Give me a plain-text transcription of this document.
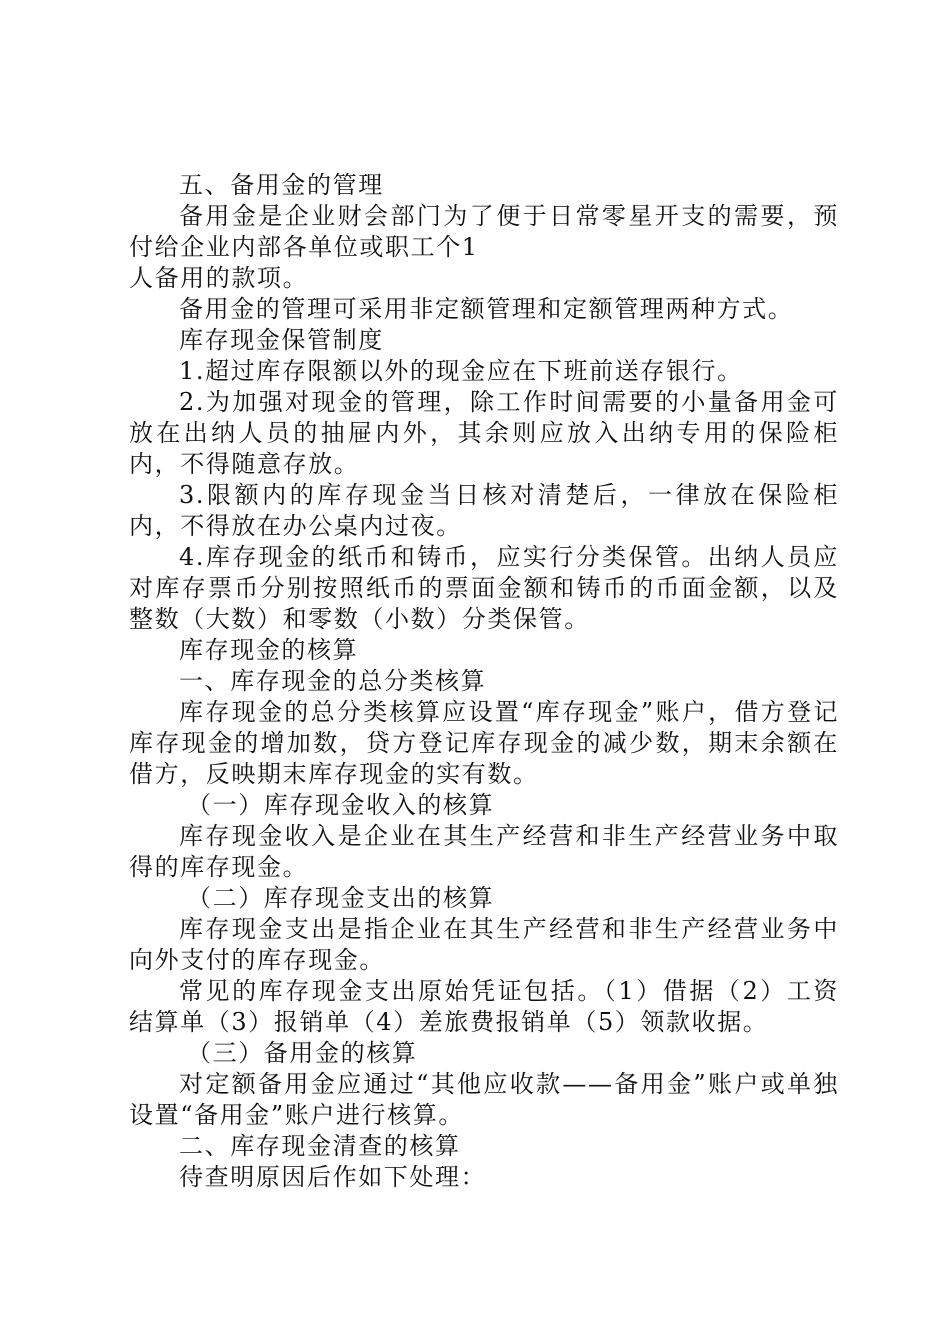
五、备用金的管理

备用金是企业财会部门为了便于日常零星开支的需要，预付给企业内部各单位或职工个1

人备用的款项。

备用金的管理可采用非定额管理和定额管理两种方式。

库存现金保管制度

1.超过库存限额以外的现金应在下班前送存银行。

2.为加强对现金的管理，除工作时间需要的小量备用金可放在出纳人员的抽屉内外，其余则应放入出纳专用的保险柜内，不得随意存放。

3.限额内的库存现金当日核对清楚后，一律放在保险柜内，不得放在办公桌内过夜。

4.库存现金的纸币和铸币，应实行分类保管。出纳人员应对库存票币分别按照纸币的票面金额和铸币的币面金额，以及整数（大数）和零数（小数）分类保管。

库存现金的核算

一、库存现金的总分类核算

库存现金的总分类核算应设置“库存现金”账户，借方登记库存现金的增加数，贷方登记库存现金的减少数，期末余额在借方，反映期末库存现金的实有数。

（一）库存现金收入的核算

库存现金收入是企业在其生产经营和非生产经营业务中取得的库存现金。

（二）库存现金支出的核算

库存现金支出是指企业在其生产经营和非生产经营业务中向外支付的库存现金。

常见的库存现金支出原始凭证包括。（1）借据（2）工资结算单（3）报销单（4）差旅费报销单（5）领款收据。

（三）备用金的核算

对定额备用金应通过“其他应收款——备用金”账户或单独设置“备用金”账户进行核算。

二、库存现金清查的核算

待查明原因后作如下处理：
